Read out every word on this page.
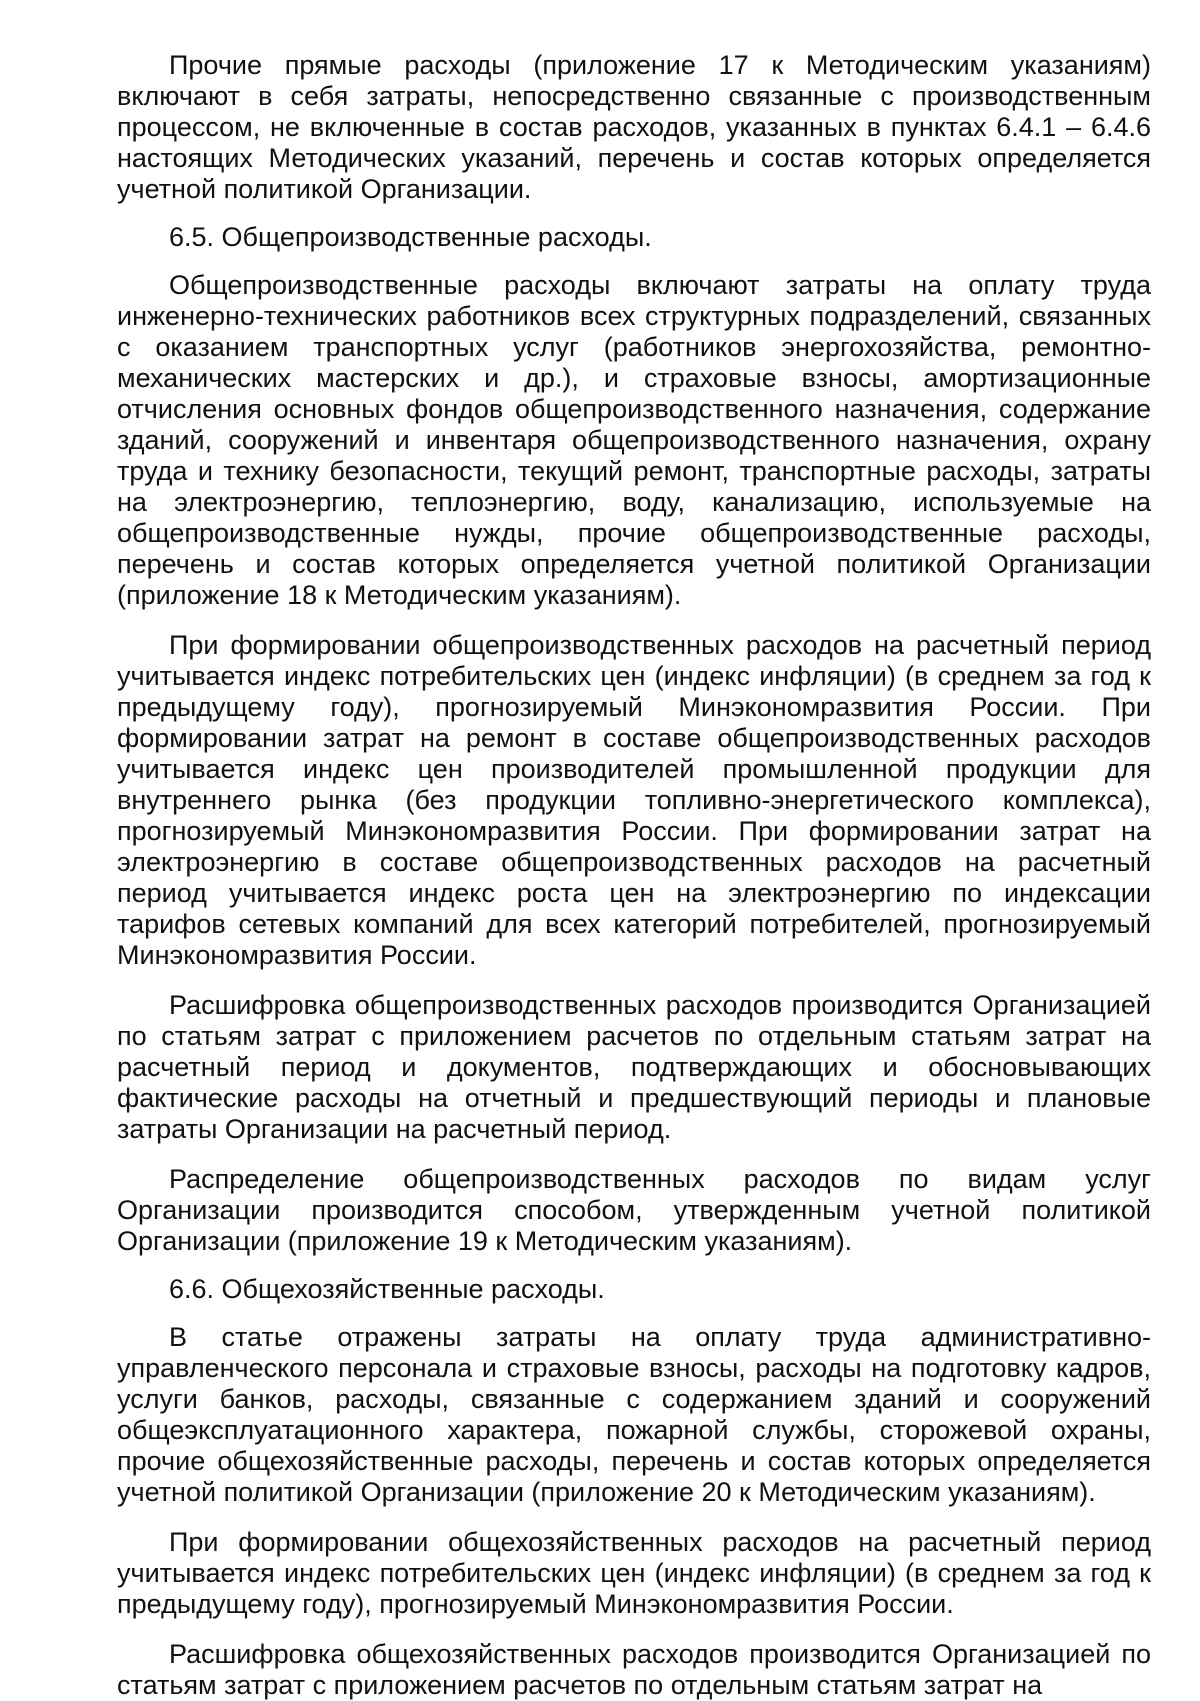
Прочие прямые расходы (приложение 17 к Методическим указаниям) включают в себя затраты, непосредственно связанные с производственным процессом, не включенные в состав расходов, указанных в пунктах 6.4.1 – 6.4.6 настоящих Методических указаний, перечень и состав которых определяется учетной политикой Организации.

6.5. Общепроизводственные расходы.

Общепроизводственные расходы включают затраты на оплату труда инженерно-технических работников всех структурных подразделений, связанных с оказанием транспортных услуг (работников энергохозяйства, ремонтно-механических мастерских и др.), и страховые взносы, амортизационные отчисления основных фондов общепроизводственного назначения, содержание зданий, сооружений и инвентаря общепроизводственного назначения, охрану труда и технику безопасности, текущий ремонт, транспортные расходы, затраты на электроэнергию, теплоэнергию, воду, канализацию, используемые на общепроизводственные нужды, прочие общепроизводственные расходы, перечень и состав которых определяется учетной политикой Организации (приложение 18 к Методическим указаниям).

При формировании общепроизводственных расходов на расчетный период учитывается индекс потребительских цен (индекс инфляции) (в среднем за год к предыдущему году), прогнозируемый Минэкономразвития России. При формировании затрат на ремонт в составе общепроизводственных расходов учитывается индекс цен производителей промышленной продукции для внутреннего рынка (без продукции топливно-энергетического комплекса), прогнозируемый Минэкономразвития России. При формировании затрат на электроэнергию в составе общепроизводственных расходов на расчетный период учитывается индекс роста цен на электроэнергию по индексации тарифов сетевых компаний для всех категорий потребителей, прогнозируемый Минэкономразвития России.

Расшифровка общепроизводственных расходов производится Организацией по статьям затрат с приложением расчетов по отдельным статьям затрат на расчетный период и документов, подтверждающих и обосновывающих фактические расходы на отчетный и предшествующий периоды и плановые затраты Организации на расчетный период.

Распределение общепроизводственных расходов по видам услуг Организации производится способом, утвержденным учетной политикой Организации (приложение 19 к Методическим указаниям).

6.6. Общехозяйственные расходы.

В статье отражены затраты на оплату труда административно-управленческого персонала и страховые взносы, расходы на подготовку кадров, услуги банков, расходы, связанные с содержанием зданий и сооружений общеэксплуатационного характера, пожарной службы, сторожевой охраны, прочие общехозяйственные расходы, перечень и состав которых определяется учетной политикой Организации (приложение 20 к Методическим указаниям).

При формировании общехозяйственных расходов на расчетный период учитывается индекс потребительских цен (индекс инфляции) (в среднем за год к предыдущему году), прогнозируемый Минэкономразвития России.

Расшифровка общехозяйственных расходов производится Организацией по статьям затрат с приложением расчетов по отдельным статьям затрат на
